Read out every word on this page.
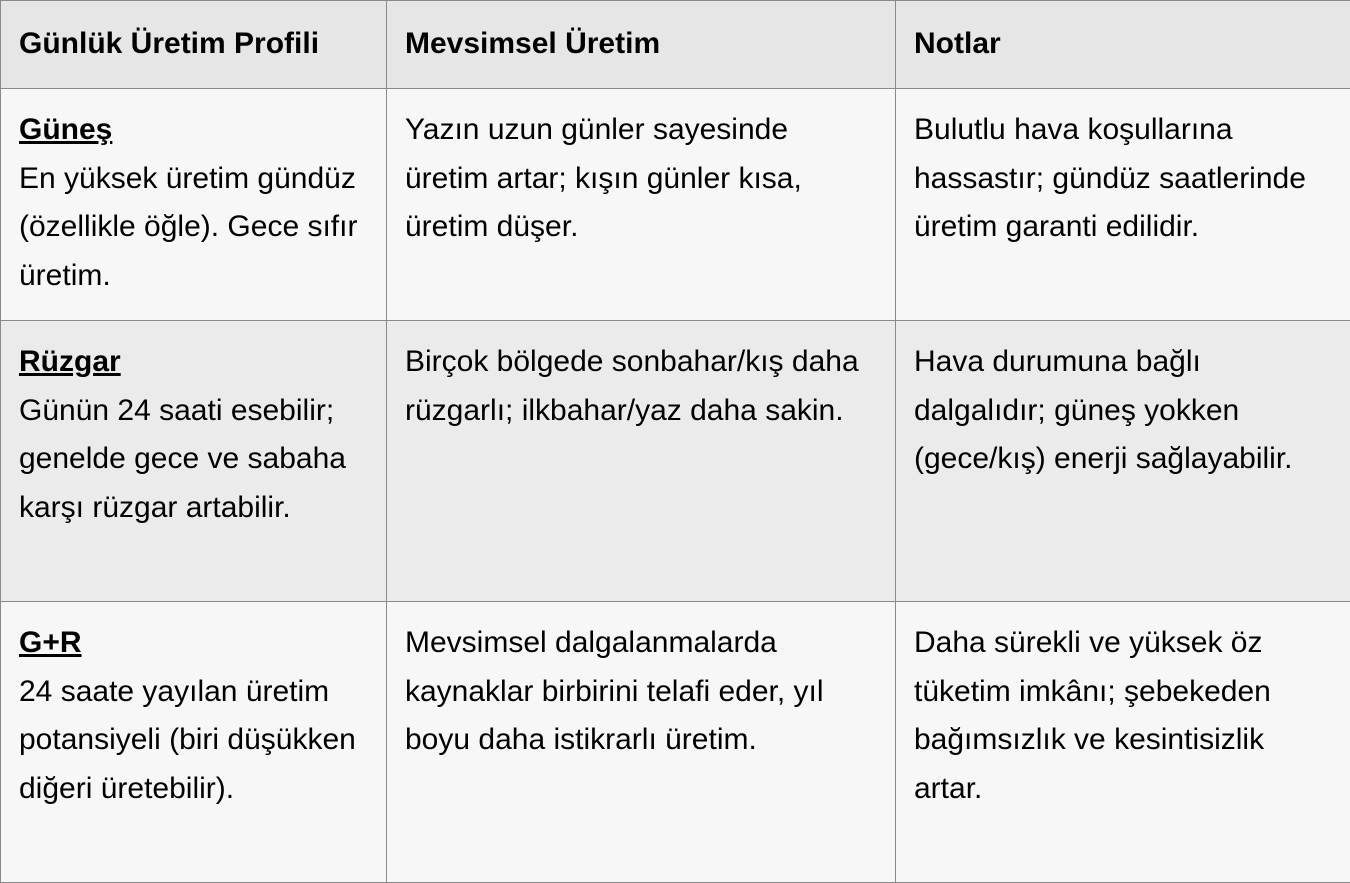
Günlük Üretim Profili	Mevsimsel Üretim	Notlar

Güneş
En yüksek üretim gündüz (özellikle öğle). Gece sıfır üretim.	Yazın uzun günler sayesinde üretim artar; kışın günler kısa, üretim düşer.	Bulutlu hava koşullarına hassastır; gündüz saatlerinde üretim garanti edilidir.

Rüzgar
Günün 24 saati esebilir; genelde gece ve sabaha karşı rüzgar artabilir.	Birçok bölgede sonbahar/kış daha rüzgarlı; ilkbahar/yaz daha sakin.	Hava durumuna bağlı dalgalıdır; güneş yokken (gece/kış) enerji sağlayabilir.

G+R
24 saate yayılan üretim potansiyeli (biri düşükken diğeri üretebilir).	Mevsimsel dalgalanmalarda kaynaklar birbirini telafi eder, yıl boyu daha istikrarlı üretim.	Daha sürekli ve yüksek öz tüketim imkânı; şebekeden bağımsızlık ve kesintisizlik artar.
